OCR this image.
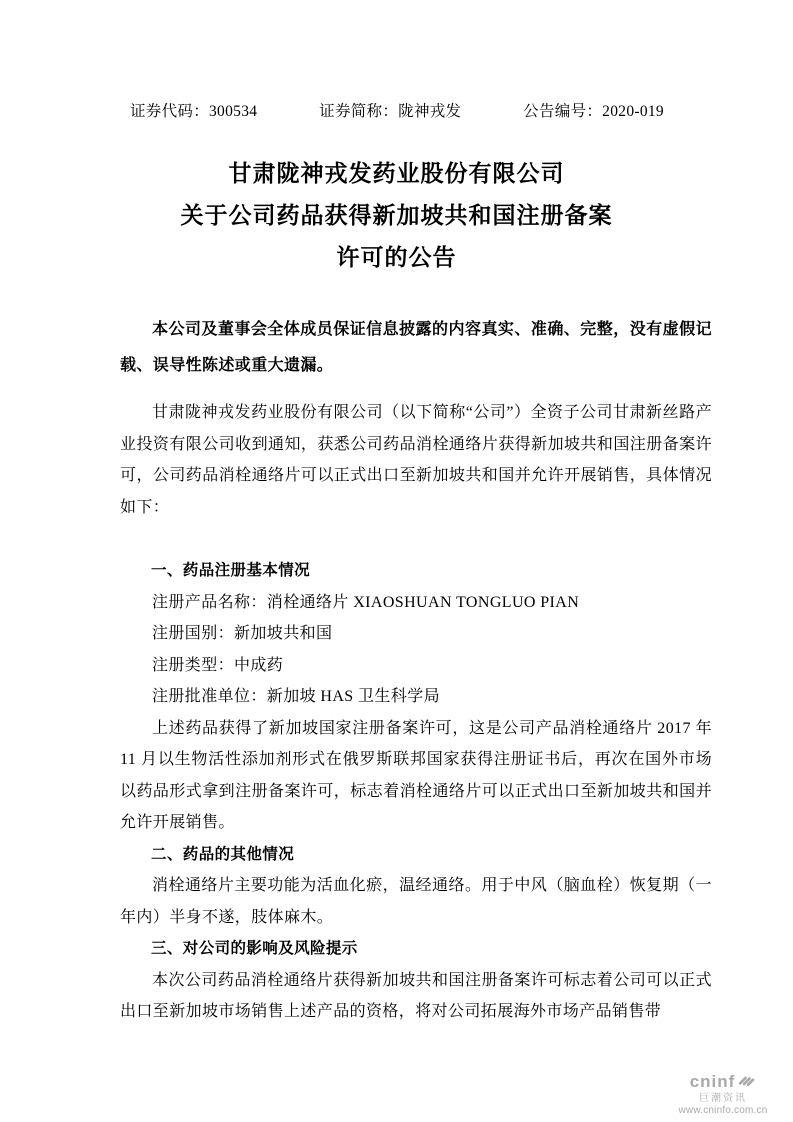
证券代码：300534	证券简称：陇神戎发	公告编号：2020-019
甘肃陇神戎发药业股份有限公司
关于公司药品获得新加坡共和国注册备案
许可的公告

本公司及董事会全体成员保证信息披露的内容真实、准确、完整，没有虚假记载、误导性陈述或重大遗漏。

甘肃陇神戎发药业股份有限公司（以下简称“公司”）全资子公司甘肃新丝路产业投资有限公司收到通知，获悉公司药品消栓通络片获得新加坡共和国注册备案许可，公司药品消栓通络片可以正式出口至新加坡共和国并允许开展销售，具体情况如下：

一、药品注册基本情况

注册产品名称：消栓通络片 XIAOSHUAN TONGLUO PIAN

注册国别：新加坡共和国

注册类型：中成药

注册批准单位：新加坡 HAS 卫生科学局

上述药品获得了新加坡国家注册备案许可，这是公司产品消栓通络片 2017 年 11 月以生物活性添加剂形式在俄罗斯联邦国家获得注册证书后，再次在国外市场以药品形式拿到注册备案许可，标志着消栓通络片可以正式出口至新加坡共和国并允许开展销售。

二、药品的其他情况

消栓通络片主要功能为活血化瘀，温经通络。用于中风（脑血栓）恢复期（一年内）半身不遂，肢体麻木。

三、对公司的影响及风险提示

本次公司药品消栓通络片获得新加坡共和国注册备案许可标志着公司可以正式出口至新加坡市场销售上述产品的资格，将对公司拓展海外市场产品销售带

cninf
巨潮资讯
www.cninfo.com.cn
